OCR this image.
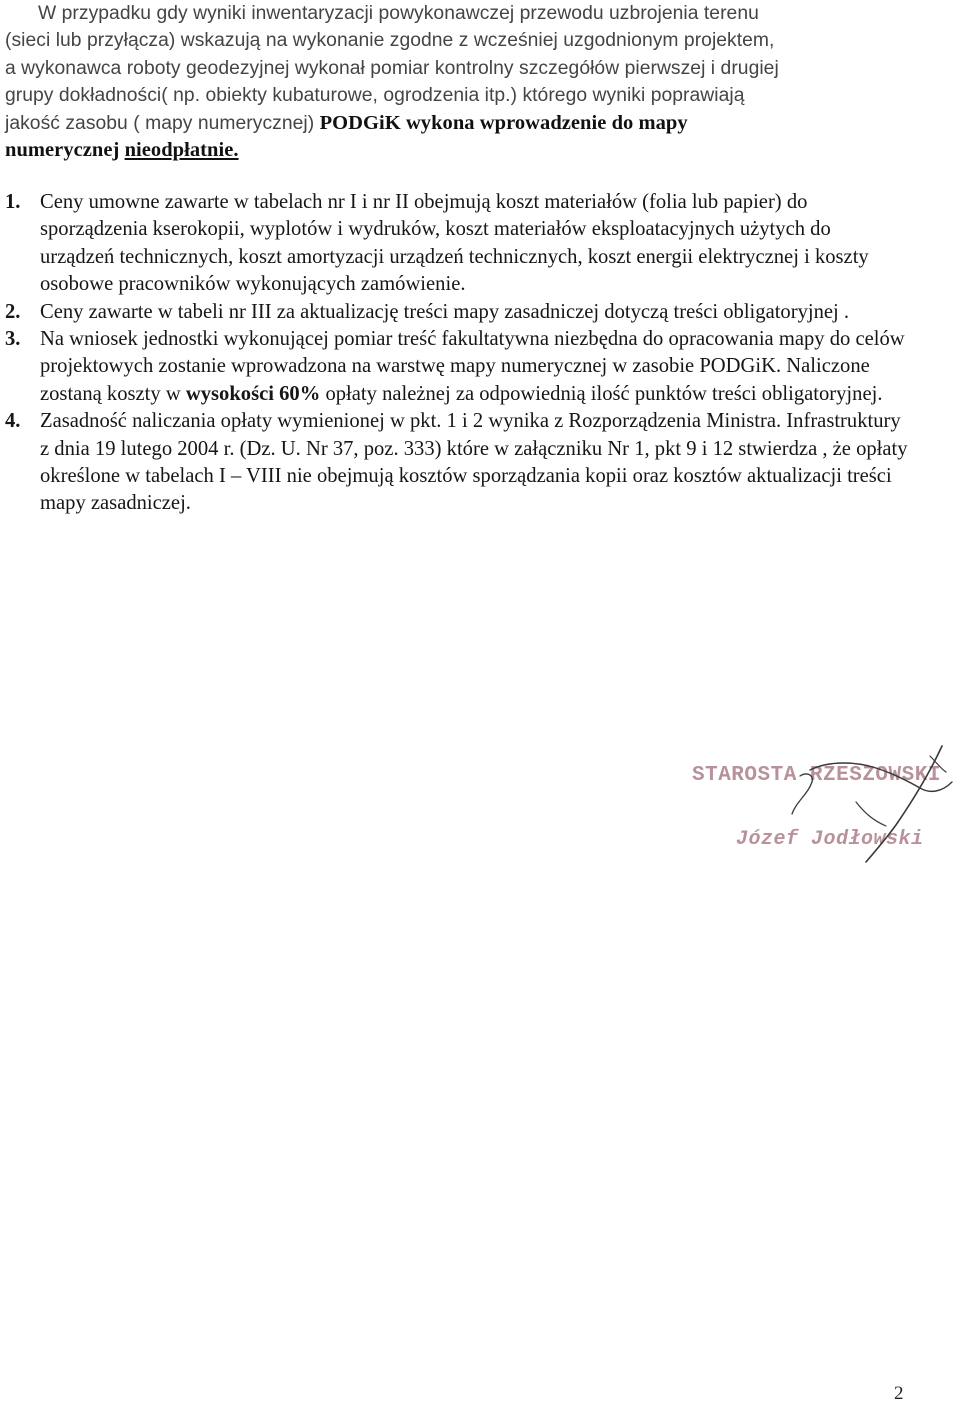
W przypadku gdy wyniki inwentaryzacji powykonawczej przewodu uzbrojenia terenu
(sieci lub przyłącza) wskazują na wykonanie zgodne z wcześniej uzgodnionym projektem,
a wykonawca roboty geodezyjnej wykonał pomiar kontrolny szczegółów pierwszej i drugiej
grupy dokładności( np. obiekty kubaturowe, ogrodzenia itp.) którego wyniki poprawiają
jakość zasobu ( mapy numerycznej) PODGiK wykona wprowadzenie do mapy
numerycznej nieodpłatnie.

1. Ceny umowne zawarte w tabelach nr I i nr II obejmują koszt materiałów (folia lub papier) do sporządzenia kserokopii, wyplotów i wydruków, koszt materiałów eksploatacyjnych użytych do urządzeń technicznych, koszt amortyzacji urządzeń technicznych, koszt energii elektrycznej i koszty osobowe pracowników wykonujących zamówienie.

2. Ceny zawarte w tabeli nr III za aktualizację treści mapy zasadniczej dotyczą treści obligatoryjnej .

3. Na wniosek jednostki wykonującej pomiar treść fakultatywna niezbędna do opracowania mapy do celów projektowych zostanie wprowadzona na warstwę mapy numerycznej w zasobie PODGiK. Naliczone zostaną koszty w wysokości 60% opłaty należnej za odpowiednią ilość punktów treści obligatoryjnej.

4. Zasadność naliczania opłaty wymienionej w pkt. 1 i 2 wynika z Rozporządzenia Ministra. Infrastruktury z dnia 19 lutego 2004 r. (Dz. U. Nr 37, poz. 333) które w załączniku Nr 1, pkt 9 i 12 stwierdza , że opłaty określone w tabelach I – VIII nie obejmują kosztów sporządzania kopii oraz kosztów aktualizacji treści mapy zasadniczej.

STAROSTA RZESZOWSKI
Józef Jodłowski
2
